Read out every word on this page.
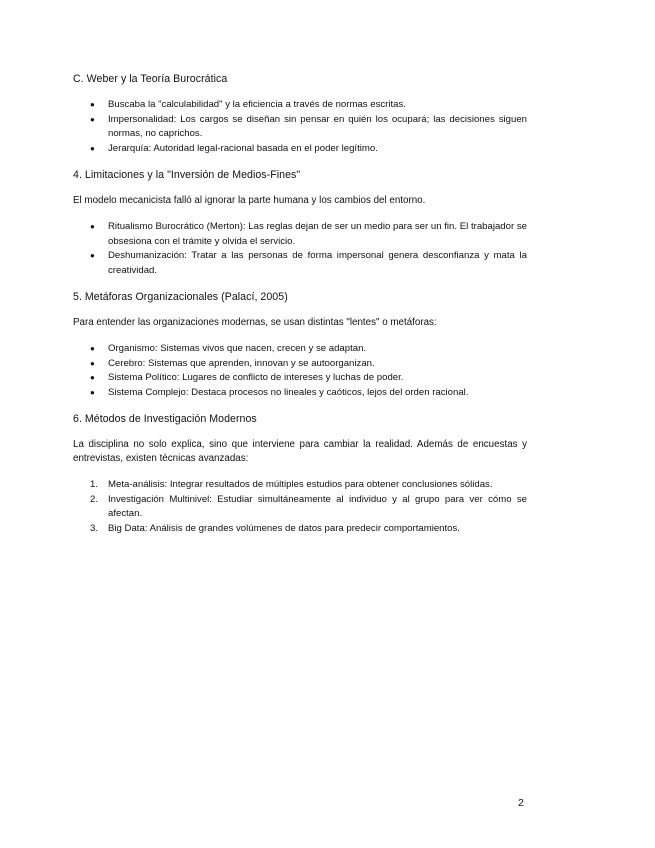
C. Weber y la Teoría Burocrática
●	Buscaba la "calculabilidad" y la eficiencia a través de normas escritas.
●	Impersonalidad: Los cargos se diseñan sin pensar en quién los ocupará; las decisiones siguen normas, no caprichos.
●	Jerarquía: Autoridad legal-racional basada en el poder legítimo.
4. Limitaciones y la "Inversión de Medios-Fines"

El modelo mecanicista falló al ignorar la parte humana y los cambios del entorno.

●	Ritualismo Burocrático (Merton): Las reglas dejan de ser un medio para ser un fin. El trabajador se obsesiona con el trámite y olvida el servicio.
●	Deshumanización: Tratar a las personas de forma impersonal genera desconfianza y mata la creatividad.
5. Metáforas Organizacionales (Palací, 2005)

Para entender las organizaciones modernas, se usan distintas "lentes" o metáforas:

●	Organismo: Sistemas vivos que nacen, crecen y se adaptan.
●	Cerebro: Sistemas que aprenden, innovan y se autoorganizan.
●	Sistema Político: Lugares de conflicto de intereses y luchas de poder.
●	Sistema Complejo: Destaca procesos no lineales y caóticos, lejos del orden racional.
6. Métodos de Investigación Modernos

La disciplina no solo explica, sino que interviene para cambiar la realidad. Además de encuestas y entrevistas, existen técnicas avanzadas:

1.	Meta-análisis: Integrar resultados de múltiples estudios para obtener conclusiones sólidas.
2.	Investigación Multinivel: Estudiar simultáneamente al individuo y al grupo para ver cómo se afectan.
3.	Big Data: Análisis de grandes volúmenes de datos para predecir comportamientos.
2
